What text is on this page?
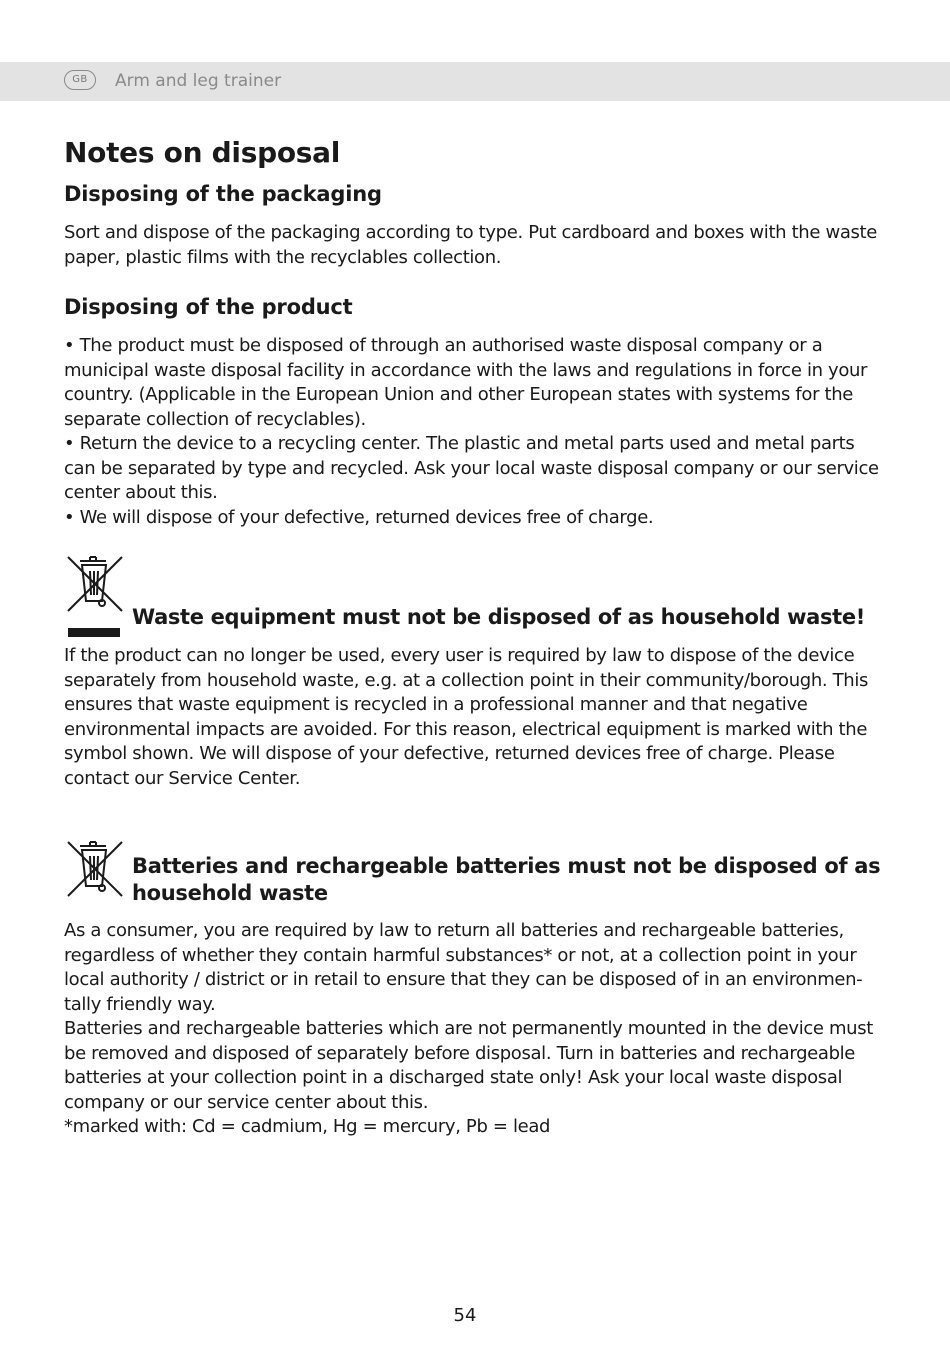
GB	Arm and leg trainer
Notes on disposal
Disposing of the packaging

Sort and dispose of the packaging according to type. Put cardboard and boxes with the waste paper, plastic films with the recyclables collection.

Disposing of the product

• The product must be disposed of through an authorised waste disposal company or a municipal waste disposal facility in accordance with the laws and regulations in force in your country. (Applicable in the European Union and other European states with systems for the separate collection of recyclables).

• Return the device to a recycling center. The plastic and metal parts used and metal parts can be separated by type and recycled. Ask your local waste disposal company or our service center about this.

• We will dispose of your defective, returned devices free of charge.

Waste equipment must not be disposed of as household waste!

If the product can no longer be used, every user is required by law to dispose of the device separately from household waste, e.g. at a collection point in their community/borough. This ensures that waste equipment is recycled in a professional manner and that negative environmental impacts are avoided. For this reason, electrical equipment is marked with the symbol shown. We will dispose of your defective, returned devices free of charge. Please contact our Service Center.

Batteries and rechargeable batteries must not be disposed of as household waste

As a consumer, you are required by law to return all batteries and rechargeable batteries, regardless of whether they contain harmful substances* or not, at a collection point in your local authority / district or in retail to ensure that they can be disposed of in an environmen-tally friendly way.

Batteries and rechargeable batteries which are not permanently mounted in the device must be removed and disposed of separately before disposal. Turn in batteries and rechargeable batteries at your collection point in a discharged state only! Ask your local waste disposal company or our service center about this.

*marked with: Cd = cadmium, Hg = mercury, Pb = lead

54
